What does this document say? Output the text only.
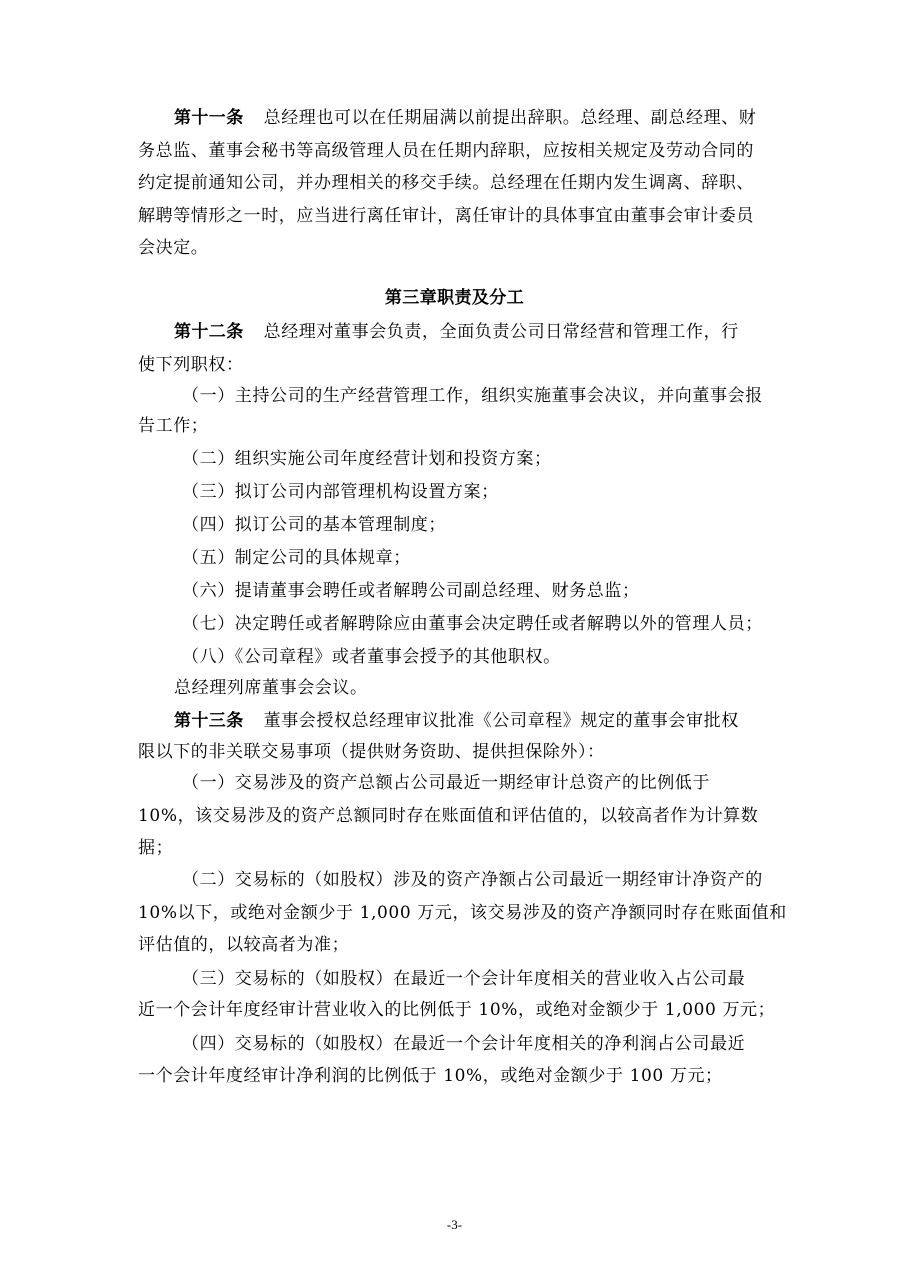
第十一条 总经理也可以在任期届满以前提出辞职。总经理、副总经理、财
务总监、董事会秘书等高级管理人员在任期内辞职，应按相关规定及劳动合同的
约定提前通知公司，并办理相关的移交手续。总经理在任期内发生调离、辞职、
解聘等情形之一时，应当进行离任审计，离任审计的具体事宜由董事会审计委员
会决定。
第三章职责及分工
第十二条 总经理对董事会负责，全面负责公司日常经营和管理工作，行
使下列职权：
（一）主持公司的生产经营管理工作，组织实施董事会决议，并向董事会报
告工作；
（二）组织实施公司年度经营计划和投资方案；
（三）拟订公司内部管理机构设置方案；
（四）拟订公司的基本管理制度；
（五）制定公司的具体规章；
（六）提请董事会聘任或者解聘公司副总经理、财务总监；
（七）决定聘任或者解聘除应由董事会决定聘任或者解聘以外的管理人员；
（八）《公司章程》或者董事会授予的其他职权。
总经理列席董事会会议。
第十三条 董事会授权总经理审议批准《公司章程》规定的董事会审批权
限以下的非关联交易事项（提供财务资助、提供担保除外）：
（一）交易涉及的资产总额占公司最近一期经审计总资产的比例低于
10%，该交易涉及的资产总额同时存在账面值和评估值的，以较高者作为计算数
据；
（二）交易标的（如股权）涉及的资产净额占公司最近一期经审计净资产的
10%以下，或绝对金额少于 1,000 万元，该交易涉及的资产净额同时存在账面值和
评估值的，以较高者为准；
（三）交易标的（如股权）在最近一个会计年度相关的营业收入占公司最
近一个会计年度经审计营业收入的比例低于 10%，或绝对金额少于 1,000 万元；
（四）交易标的（如股权）在最近一个会计年度相关的净利润占公司最近
一个会计年度经审计净利润的比例低于 10%，或绝对金额少于 100 万元；
-3-
